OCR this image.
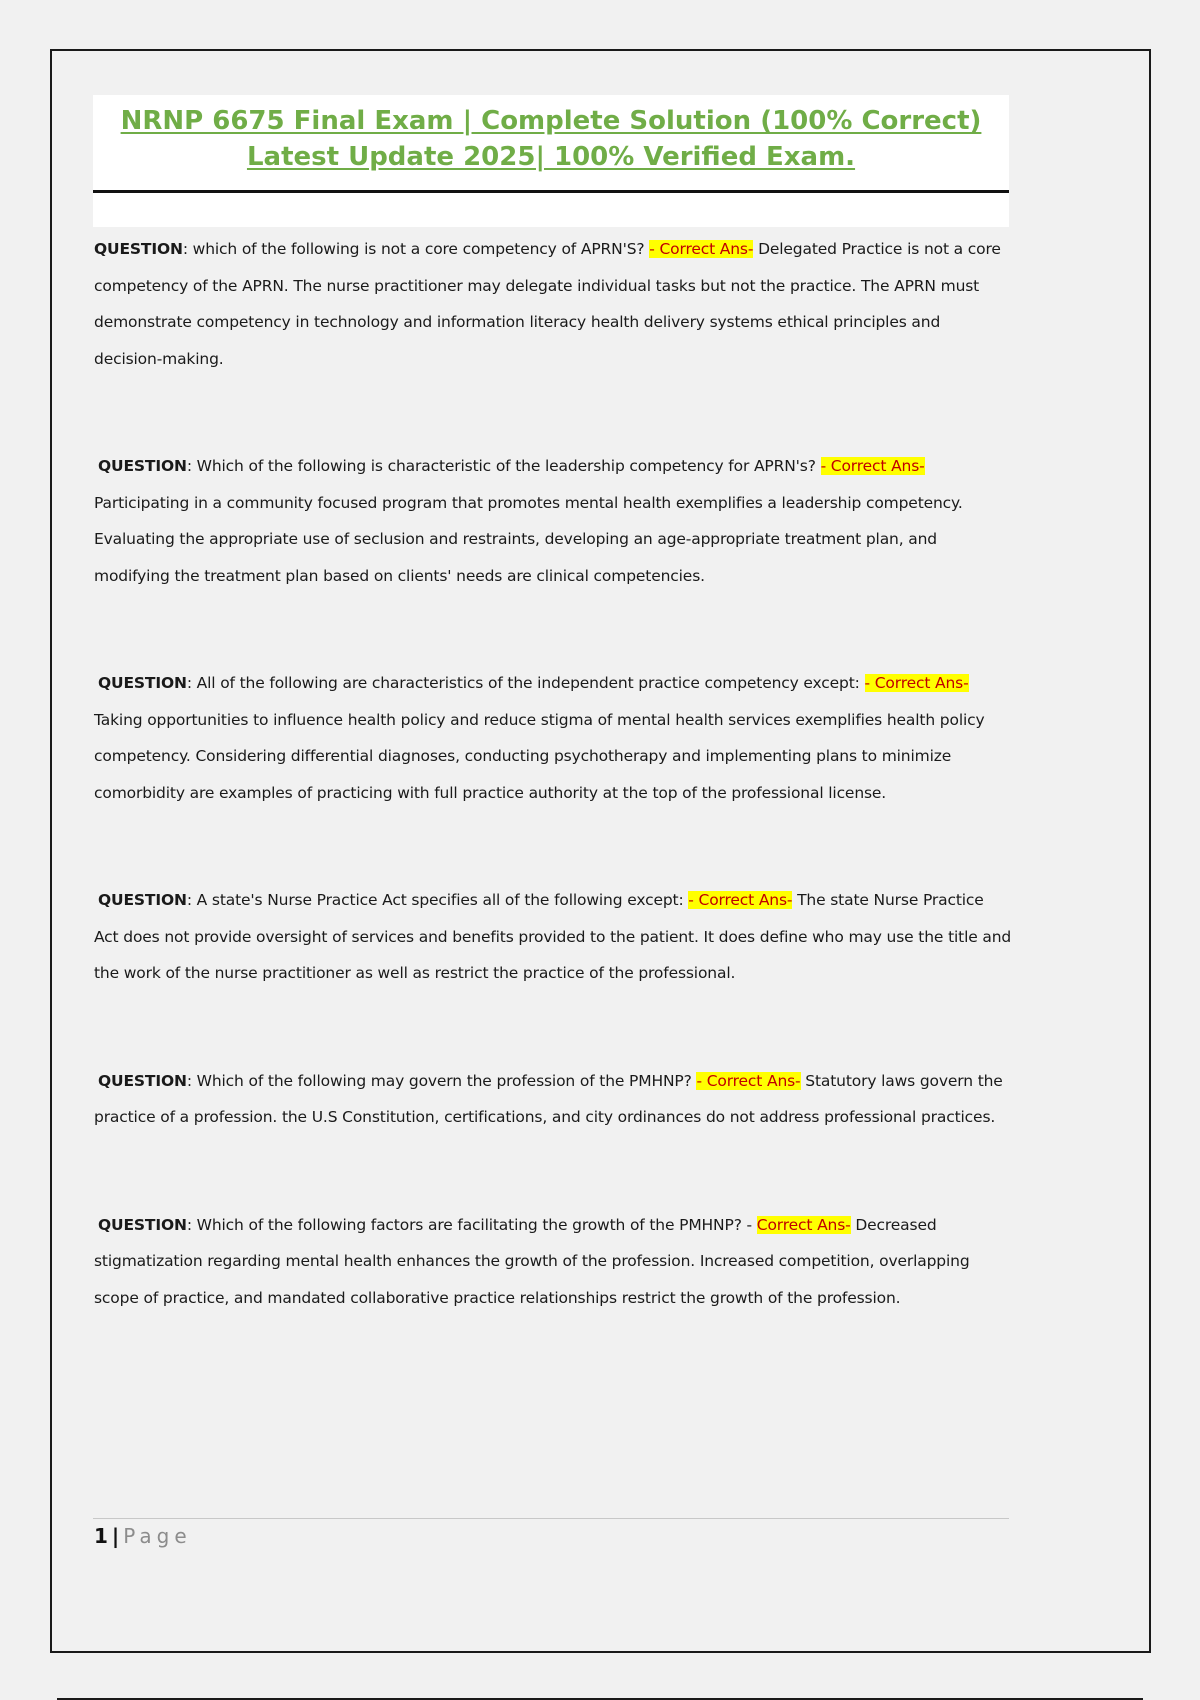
NRNP 6675 Final Exam | Complete Solution (100% Correct) Latest Update 2025| 100% Verified Exam.

QUESTION: which of the following is not a core competency of APRN'S? - Correct Ans- Delegated Practice is not a core competency of the APRN. The nurse practitioner may delegate individual tasks but not the practice. The APRN must demonstrate competency in technology and information literacy health delivery systems ethical principles and decision-making.

QUESTION: Which of the following is characteristic of the leadership competency for APRN's? - Correct Ans- Participating in a community focused program that promotes mental health exemplifies a leadership competency. Evaluating the appropriate use of seclusion and restraints, developing an age-appropriate treatment plan, and modifying the treatment plan based on clients' needs are clinical competencies.

QUESTION: All of the following are characteristics of the independent practice competency except: - Correct Ans- Taking opportunities to influence health policy and reduce stigma of mental health services exemplifies health policy competency. Considering differential diagnoses, conducting psychotherapy and implementing plans to minimize comorbidity are examples of practicing with full practice authority at the top of the professional license.

QUESTION: A state's Nurse Practice Act specifies all of the following except: - Correct Ans- The state Nurse Practice Act does not provide oversight of services and benefits provided to the patient. It does define who may use the title and the work of the nurse practitioner as well as restrict the practice of the professional.

QUESTION: Which of the following may govern the profession of the PMHNP? - Correct Ans- Statutory laws govern the practice of a profession. the U.S Constitution, certifications, and city ordinances do not address professional practices.

QUESTION: Which of the following factors are facilitating the growth of the PMHNP? - Correct Ans- Decreased stigmatization regarding mental health enhances the growth of the profession. Increased competition, overlapping scope of practice, and mandated collaborative practice relationships restrict the growth of the profession.

1 | Page
